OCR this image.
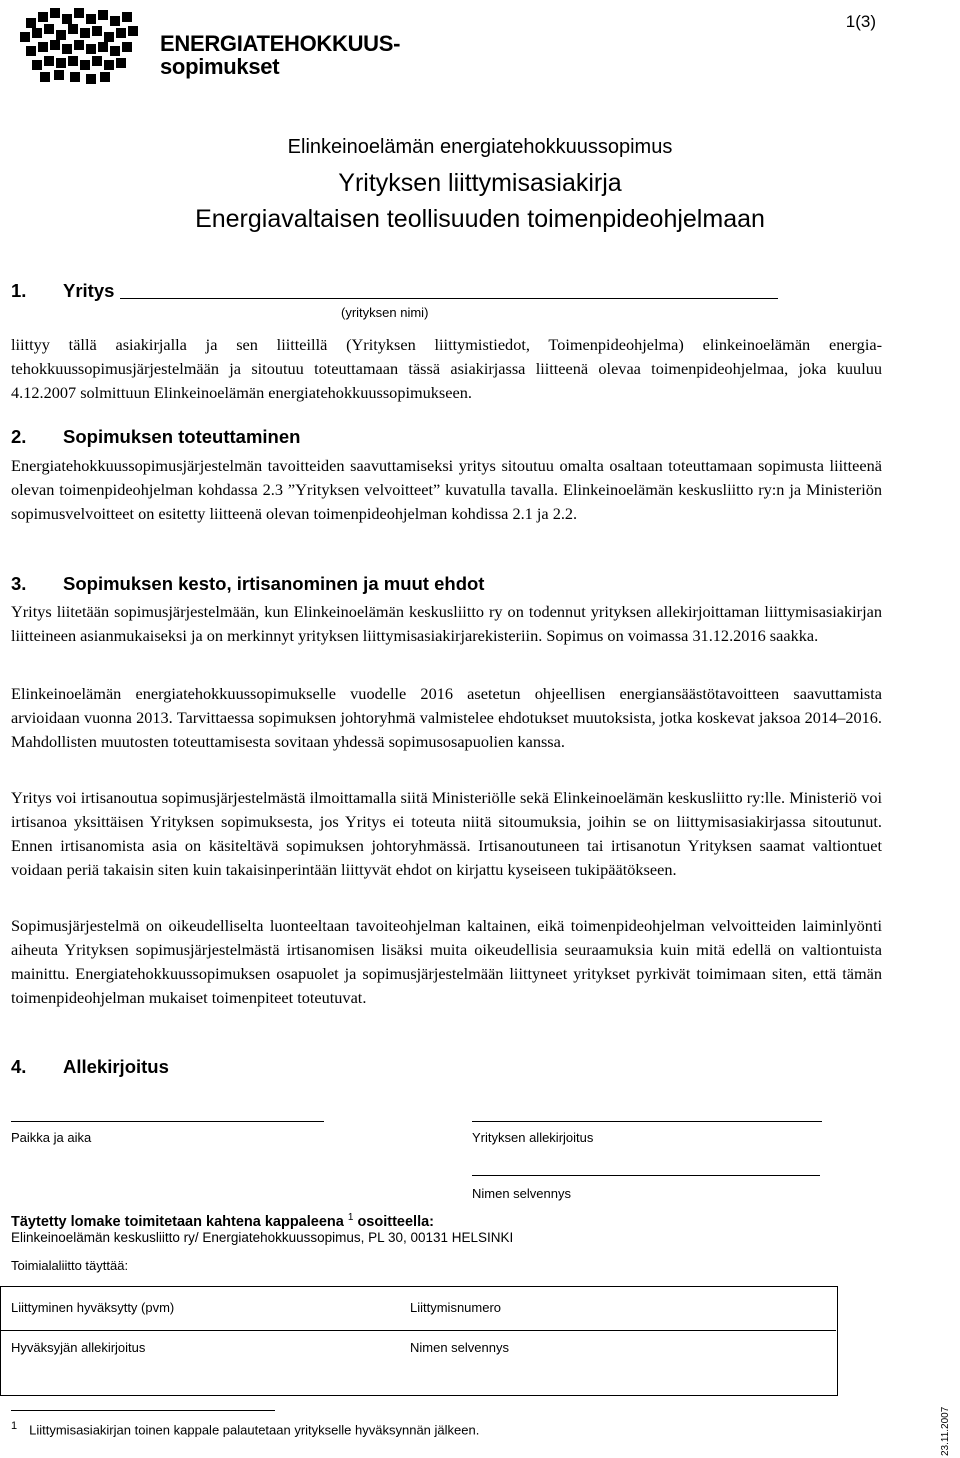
ENERGIATEHOKKUUS-
sopimukset
1(3)
Elinkeinoelämän energiatehokkuussopimus
Yrityksen liittymisasiakirja
Energiavaltaisen teollisuuden toimenpideohjelmaan
1. Yritys
(yrityksen nimi)

liittyy tällä asiakirjalla ja sen liitteillä (Yrityksen liittymistiedot, Toimenpideohjelma) elinkeinoelämän energiatehokkuussopimusjärjestelmään ja sitoutuu toteuttamaan tässä asiakirjassa liitteenä olevaa toimenpideohjelmaa, joka kuuluu 4.12.2007 solmittuun Elinkeinoelämän energiatehokkuussopimukseen.

2. Sopimuksen toteuttaminen

Energiatehokkuussopimusjärjestelmän tavoitteiden saavuttamiseksi yritys sitoutuu omalta osaltaan toteuttamaan sopimusta liitteenä olevan toimenpideohjelman kohdassa 2.3 ”Yrityksen velvoitteet” kuvatulla tavalla. Elinkeinoelämän keskusliitto ry:n ja Ministeriön sopimusvelvoitteet on esitetty liitteenä olevan toimenpideohjelman kohdissa 2.1 ja 2.2.

3. Sopimuksen kesto, irtisanominen ja muut ehdot

Yritys liitetään sopimusjärjestelmään, kun Elinkeinoelämän keskusliitto ry on todennut yrityksen allekirjoittaman liittymisasiakirjan liitteineen asianmukaiseksi ja on merkinnyt yrityksen liittymisasiakirjarekisteriin. Sopimus on voimassa 31.12.2016 saakka.

Elinkeinoelämän energiatehokkuussopimukselle vuodelle 2016 asetetun ohjeellisen energiansäästötavoitteen saavuttamista arvioidaan vuonna 2013. Tarvittaessa sopimuksen johtoryhmä valmistelee ehdotukset muutoksista, jotka koskevat jaksoa 2014–2016. Mahdollisten muutosten toteuttamisesta sovitaan yhdessä sopimusosapuolien kanssa.

Yritys voi irtisanoutua sopimusjärjestelmästä ilmoittamalla siitä Ministeriölle sekä Elinkeinoelämän keskusliitto ry:lle. Ministeriö voi irtisanoa yksittäisen Yrityksen sopimuksesta, jos Yritys ei toteuta niitä sitoumuksia, joihin se on liittymisasiakirjassa sitoutunut. Ennen irtisanomista asia on käsiteltävä sopimuksen johtoryhmässä. Irtisanoutuneen tai irtisanotun Yrityksen saamat valtiontuet voidaan periä takaisin siten kuin takaisinperintään liittyvät ehdot on kirjattu kyseiseen tukipäätökseen.

Sopimusjärjestelmä on oikeudelliselta luonteeltaan tavoiteohjelman kaltainen, eikä toimenpideohjelman velvoitteiden laiminlyönti aiheuta Yrityksen sopimusjärjestelmästä irtisanomisen lisäksi muita oikeudellisia seuraamuksia kuin mitä edellä on valtiontuista mainittu. Energiatehokkuussopimuksen osapuolet ja sopimusjärjestelmään liittyneet yritykset pyrkivät toimimaan siten, että tämän toimenpideohjelman mukaiset toimenpiteet toteutuvat.

4. Allekirjoitus
Paikka ja aika	Yrityksen allekirjoitus
Nimen selvennys
Täytetty lomake toimitetaan kahtena kappaleena $^1$ osoitteella:
Elinkeinoelämän keskusliitto ry/ Energiatehokkuussopimus, PL 30, 00131 HELSINKI
Toimialaliitto täyttää:
Liittyminen hyväksytty (pvm)	Liittymisnumero
Hyväksyjän allekirjoitus	Nimen selvennys
$^1$ Liittymisasiakirjan toinen kappale palautetaan yritykselle hyväksynnän jälkeen.	23.11.2007
